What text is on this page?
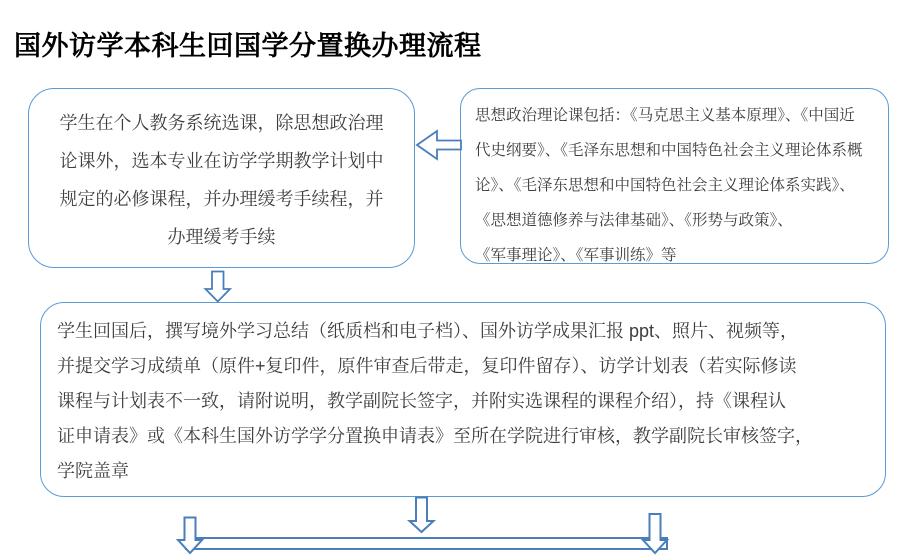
国外访学本科生回国学分置换办理流程

学生在个人教务系统选课，除思想政治理

论课外，选本专业在访学学期教学计划中

规定的必修课程，并办理缓考手续程，并

办理缓考手续

思想政治理论课包括：《马克思主义基本原理》、《中国近

代史纲要》、《毛泽东思想和中国特色社会主义理论体系概

论》、《毛泽东思想和中国特色社会主义理论体系实践》、

《思想道德修养与法律基础》、《形势与政策》、

《军事理论》、《军事训练》等

学生回国后，撰写境外学习总结（纸质档和电子档）、国外访学成果汇报 ppt、照片、视频等，

并提交学习成绩单（原件+复印件，原件审查后带走，复印件留存）、访学计划表（若实际修读

课程与计划表不一致，请附说明，教学副院长签字，并附实选课程的课程介绍），持《课程认

证申请表》或《本科生国外访学学分置换申请表》至所在学院进行审核，教学副院长审核签字，

学院盖章
